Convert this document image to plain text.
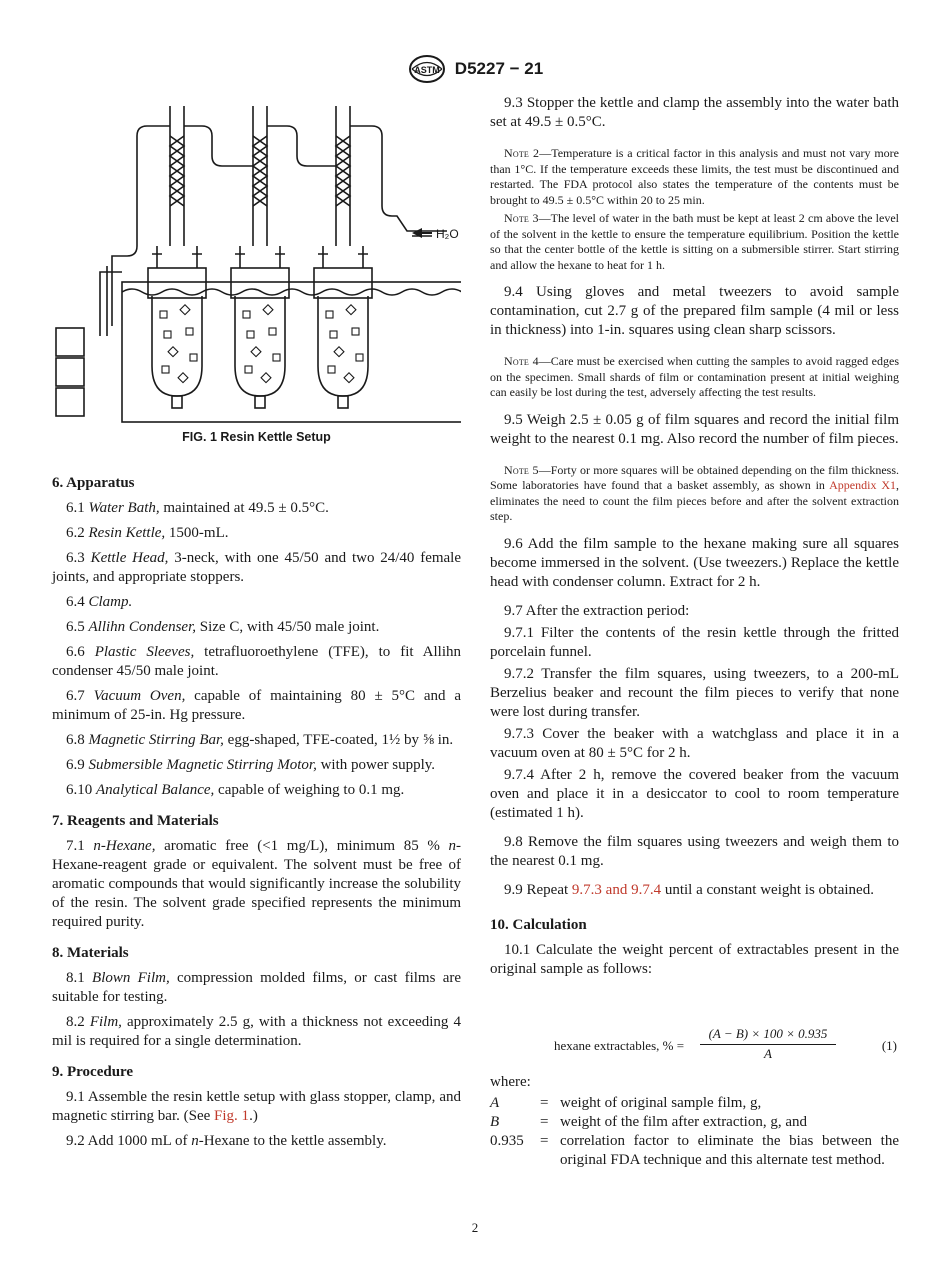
ASTM D5227 − 21
H₂O
FIG. 1 Resin Kettle Setup

6. Apparatus

6.1 Water Bath, maintained at 49.5 ± 0.5°C.

6.2 Resin Kettle, 1500-mL.

6.3 Kettle Head, 3-neck, with one 45/50 and two 24/40 female joints, and appropriate stoppers.

6.4 Clamp.

6.5 Allihn Condenser, Size C, with 45/50 male joint.

6.6 Plastic Sleeves, tetrafluoroethylene (TFE), to fit Allihn condenser 45/50 male joint.

6.7 Vacuum Oven, capable of maintaining 80 ± 5°C and a minimum of 25-in. Hg pressure.

6.8 Magnetic Stirring Bar, egg-shaped, TFE-coated, 1½ by ⅝ in.

6.9 Submersible Magnetic Stirring Motor, with power supply.

6.10 Analytical Balance, capable of weighing to 0.1 mg.

7. Reagents and Materials

7.1 n-Hexane, aromatic free (<1 mg/L), minimum 85 % n-Hexane-reagent grade or equivalent. The solvent must be free of aromatic compounds that would significantly increase the solubility of the resin. The solvent grade specified represents the minimum required purity.

8. Materials

8.1 Blown Film, compression molded films, or cast films are suitable for testing.

8.2 Film, approximately 2.5 g, with a thickness not exceeding 4 mil is required for a single determination.

9. Procedure

9.1 Assemble the resin kettle setup with glass stopper, clamp, and magnetic stirring bar. (See Fig. 1.)

9.2 Add 1000 mL of n-Hexane to the kettle assembly.

9.3 Stopper the kettle and clamp the assembly into the water bath set at 49.5 ± 0.5°C.

Note 2—Temperature is a critical factor in this analysis and must not vary more than 1°C. If the temperature exceeds these limits, the test must be discontinued and restarted. The FDA protocol also states the temperature of the contents must be brought to 49.5 ± 0.5°C within 20 to 25 min.

Note 3—The level of water in the bath must be kept at least 2 cm above the level of the solvent in the kettle to ensure the temperature equilibrium. Position the kettle so that the center bottle of the kettle is sitting on a submersible stirrer. Start stirring and allow the hexane to heat for 1 h.

9.4 Using gloves and metal tweezers to avoid sample contamination, cut 2.7 g of the prepared film sample (4 mil or less in thickness) into 1-in. squares using clean sharp scissors.

Note 4—Care must be exercised when cutting the samples to avoid ragged edges on the specimen. Small shards of film or contamination present at initial weighing can easily be lost during the test, adversely affecting the test results.

9.5 Weigh 2.5 ± 0.05 g of film squares and record the initial film weight to the nearest 0.1 mg. Also record the number of film pieces.

Note 5—Forty or more squares will be obtained depending on the film thickness. Some laboratories have found that a basket assembly, as shown in Appendix X1, eliminates the need to count the film pieces before and after the solvent extraction step.

9.6 Add the film sample to the hexane making sure all squares become immersed in the solvent. (Use tweezers.) Replace the kettle head with condenser column. Extract for 2 h.

9.7 After the extraction period:

9.7.1 Filter the contents of the resin kettle through the fritted porcelain funnel.

9.7.2 Transfer the film squares, using tweezers, to a 200-mL Berzelius beaker and recount the film pieces to verify that none were lost during transfer.

9.7.3 Cover the beaker with a watchglass and place it in a vacuum oven at 80 ± 5°C for 2 h.

9.7.4 After 2 h, remove the covered beaker from the vacuum oven and place it in a desiccator to cool to room temperature (estimated 1 h).

9.8 Remove the film squares using tweezers and weigh them to the nearest 0.1 mg.

9.9 Repeat 9.7.3 and 9.7.4 until a constant weight is obtained.

10. Calculation

10.1 Calculate the weight percent of extractables present in the original sample as follows:

hexane extractables, % = $\frac{(A - B) \times 100 \times 0.935}{A}$	(1)
where:
A	= weight of original sample film, g,
B	= weight of the film after extraction, g, and
0.935 = correlation factor to eliminate the bias between the original FDA technique and this alternate test method.
2
